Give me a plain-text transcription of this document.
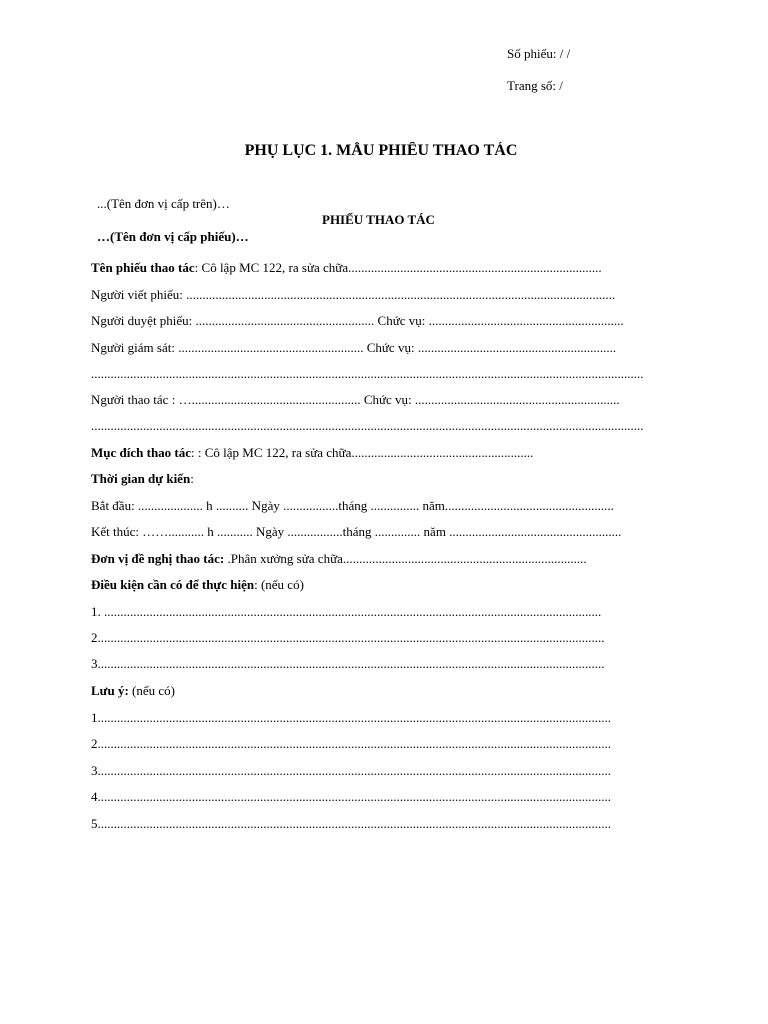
Số phiếu: / /
Trang số: /
PHỤ LỤC 1. MẪU PHIẾU THAO TÁC
...(Tên đơn vị cấp trên)…
PHIẾU THAO TÁC
…(Tên đơn vị cấp phiếu)…
Tên phiếu thao tác: Cô lập MC 122, ra sửa chữa..............................................................................
Người viết phiếu: ....................................................................................................................................
Người duyệt phiếu: ....................................................... Chức vụ: ............................................................
Người giám sát: ......................................................... Chức vụ: .............................................................
..........................................................................................................................................................................
Người thao tác : ….................................................... Chức vụ: ...............................................................
..........................................................................................................................................................................
Mục đích thao tác: : Cô lập MC 122, ra sửa chữa........................................................
Thời gian dự kiến:
Bắt đầu: .................... h .......... Ngày .................tháng ............... năm....................................................
Kết thúc: ……........... h ........... Ngày .................tháng .............. năm .....................................................
Đơn vị đề nghị thao tác: .Phân xưởng sửa chữa...........................................................................
Điều kiện cần có để thực hiện: (nếu có)
1. .........................................................................................................................................................
2............................................................................................................................................................
3............................................................................................................................................................
Lưu ý: (nếu có)
1..............................................................................................................................................................
2..............................................................................................................................................................
3..............................................................................................................................................................
4..............................................................................................................................................................
5..............................................................................................................................................................
